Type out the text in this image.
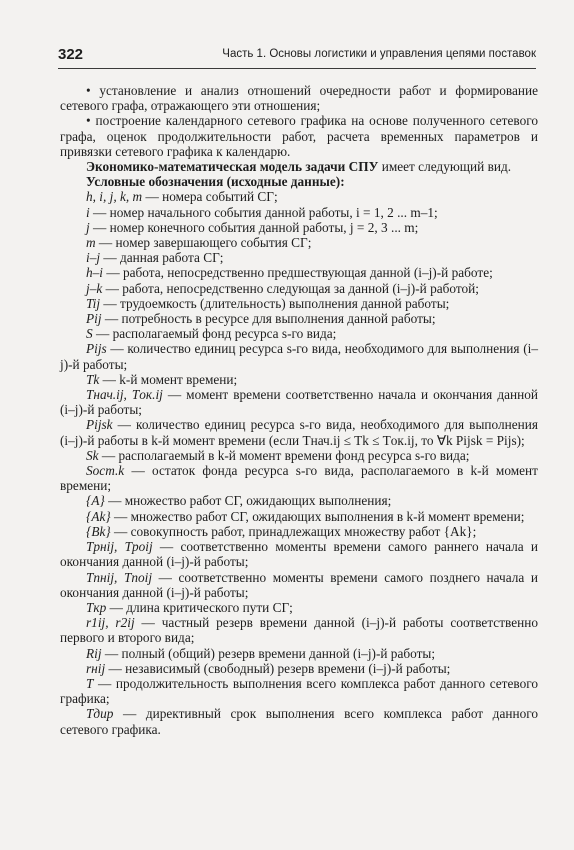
322	Часть 1. Основы логистики и управления цепями поставок

• установление и анализ отношений очередности работ и формирование сетевого графа, отражающего эти отношения;

• построение календарного сетевого графика на основе полученного сетевого графа, оценок продолжительности работ, расчета временных параметров и привязки сетевого графика к календарю.

Экономико-математическая модель задачи СПУ имеет следующий вид.

Условные обозначения (исходные данные):

h, i, j, k, m — номера событий СГ;

i — номер начального события данной работы, i = 1, 2 ... m–1;

j — номер конечного события данной работы, j = 2, 3 ... m;

m — номер завершающего события СГ;

i–j — данная работа СГ;

h–i — работа, непосредственно предшествующая данной (i–j)-й работе;

j–k — работа, непосредственно следующая за данной (i–j)-й работой;

Tij — трудоемкость (длительность) выполнения данной работы;

Pij — потребность в ресурсе для выполнения данной работы;

S — располагаемый фонд ресурса s-го вида;

Pijs — количество единиц ресурса s-го вида, необходимого для выполнения (i–j)-й работы;

Tk — k-й момент времени;

Tнач.ij, Tок.ij — момент времени соответственно начала и окончания данной (i–j)-й работы;

Pijsk — количество единиц ресурса s-го вида, необходимого для выполнения (i–j)-й работы в k-й момент времени (если Tнач.ij ≤ Tk ≤ Tок.ij, то ∀k Pijsk = Pijs);

Sk — располагаемый в k-й момент времени фонд ресурса s-го вида;

Sост.k — остаток фонда ресурса s-го вида, располагаемого в k-й момент времени;

{A} — множество работ СГ, ожидающих выполнения;

{Ak} — множество работ СГ, ожидающих выполнения в k-й момент времени;

{Bk} — совокупность работ, принадлежащих множеству работ {Ak};

Tрнij, Tроij — соответственно моменты времени самого раннего начала и окончания данной (i–j)-й работы;

Tпнij, Tпоij — соответственно моменты времени самого позднего начала и окончания данной (i–j)-й работы;

Tкр — длина критического пути СГ;

r1ij, r2ij — частный резерв времени данной (i–j)-й работы соответственно первого и второго вида;

Rij — полный (общий) резерв времени данной (i–j)-й работы;

rнij — независимый (свободный) резерв времени (i–j)-й работы;

T — продолжительность выполнения всего комплекса работ данного сетевого графика;

Tдир — директивный срок выполнения всего комплекса работ данного сетевого графика.
